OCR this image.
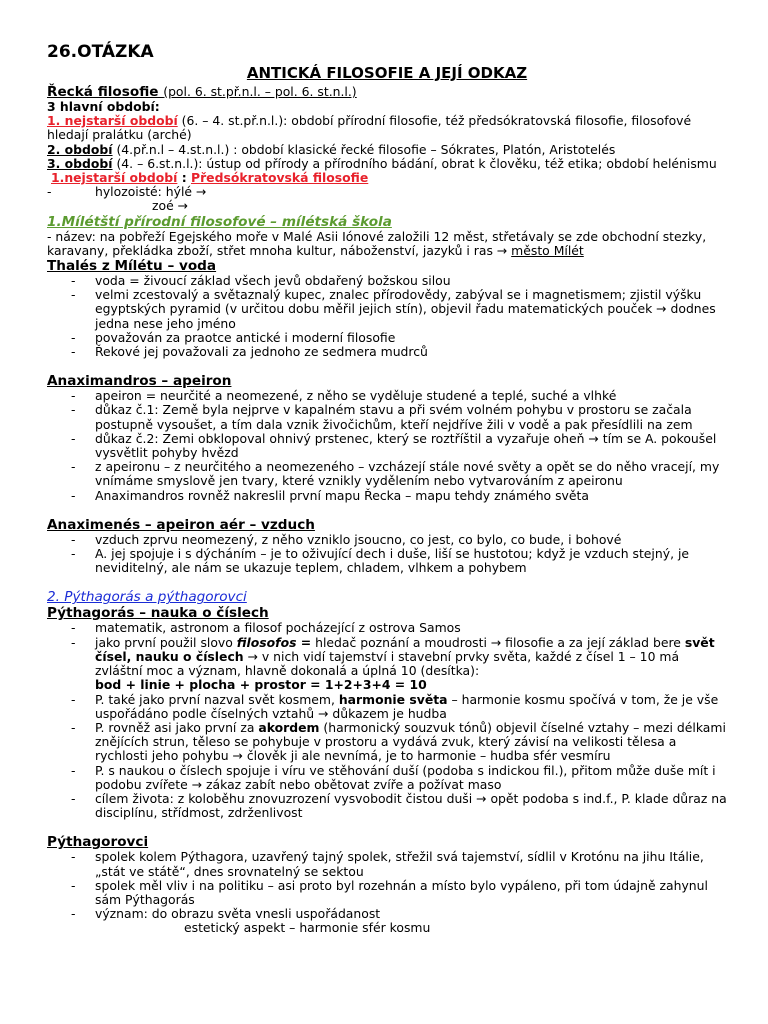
26.OTÁZKA
ANTICKÁ FILOSOFIE A JEJÍ ODKAZ
Řecká filosofie (pol. 6. st.př.n.l. – pol. 6. st.n.l.)
3 hlavní období:
1. nejstarší období (6. – 4. st.př.n.l.): období přírodní filosofie, též předsókratovská filosofie, filosofové hledají pralátku (arché)
2. období (4.př.n.l – 4.st.n.l.) : období klasické řecké filosofie – Sókrates, Platón, Aristotelés
3. období (4. – 6.st.n.l.): ústup od přírody a přírodního bádání, obrat k člověku, též etika; období helénismu
1.nejstarší období : Předsókratovská filosofie
- hylozoisté: hýlé →
zoé →
1.Mílétští přírodní filosofové – mílétská škola
- název: na pobřeží Egejského moře v Malé Asii Iónové založili 12 měst, střetávaly se zde obchodní stezky, karavany, překládka zboží, střet mnoha kultur, náboženství, jazyků i ras → město Mílét
Thalés z Mílétu – voda
- voda = živoucí základ všech jevů obdařený božskou silou
- velmi zcestovalý a světaznalý kupec, znalec přírodovědy, zabýval se i magnetismem; zjistil výšku egyptských pyramid (v určitou dobu měřil jejich stín), objevil řadu matematických pouček → dodnes jedna nese jeho jméno
- považován za praotce antické i moderní filosofie
- Řekové jej považovali za jednoho ze sedmera mudrců
Anaximandros – apeiron
- apeiron = neurčité a neomezené, z něho se vyděluje studené a teplé, suché a vlhké
- důkaz č.1: Země byla nejprve v kapalném stavu a při svém volném pohybu v prostoru se začala postupně vysoušet, a tím dala vznik živočichům, kteří nejdříve žili v vodě a pak přesídlili na zem
- důkaz č.2: Zemi obklopoval ohnivý prstenec, který se roztříštil a vyzařuje oheň → tím se A. pokoušel vysvětlit pohyby hvězd
- z apeironu – z neurčitého a neomezeného – vzcházejí stále nové světy a opět se do něho vracejí, my vnímáme smyslově jen tvary, které vznikly vydělením nebo vytvarováním z apeironu
- Anaximandros rovněž nakreslil první mapu Řecka – mapu tehdy známého světa
Anaximenés – apeiron aér – vzduch
- vzduch zprvu neomezený, z něho vzniklo jsoucno, co jest, co bylo, co bude, i bohové
- A. jej spojuje i s dýcháním – je to oživující dech i duše, liší se hustotou; když je vzduch stejný, je neviditelný, ale nám se ukazuje teplem, chladem, vlhkem a pohybem
2. Pýthagorás a pýthagorovci
Pýthagorás – nauka o číslech
- matematik, astronom a filosof pocházející z ostrova Samos
- jako první použil slovo filosofos = hledač poznání a moudrosti → filosofie a za její základ bere svět čísel, nauku o číslech → v nich vidí tajemství i stavební prvky světa, každé z čísel 1 – 10 má zvláštní moc a význam, hlavně dokonalá a úplná 10 (desítka):
bod + linie + plocha + prostor = 1+2+3+4 = 10
- P. také jako první nazval svět kosmem, harmonie světa – harmonie kosmu spočívá v tom, že je vše uspořádáno podle číselných vztahů → důkazem je hudba
- P. rovněž asi jako první za akordem (harmonický souzvuk tónů) objevil číselné vztahy – mezi délkami znějících strun, těleso se pohybuje v prostoru a vydává zvuk, který závisí na velikosti tělesa a rychlosti jeho pohybu → člověk ji ale nevnímá, je to harmonie – hudba sfér vesmíru
- P. s naukou o číslech spojuje i víru ve stěhování duší (podoba s indickou fil.), přitom může duše mít i podobu zvířete → zákaz zabít nebo obětovat zvíře a požívat maso
- cílem života: z koloběhu znovuzrození vysvobodit čistou duši → opět podoba s ind.f., P. klade důraz na disciplínu, střídmost, zdrženlivost
Pýthagorovci
- spolek kolem Pýthagora, uzavřený tajný spolek, střežil svá tajemství, sídlil v Krotónu na jihu Itálie, „stát ve státě“, dnes srovnatelný se sektou
- spolek měl vliv i na politiku – asi proto byl rozehnán a místo bylo vypáleno, při tom údajně zahynul sám Pýthagorás
- význam: do obrazu světa vnesli uspořádanost
estetický aspekt – harmonie sfér kosmu
